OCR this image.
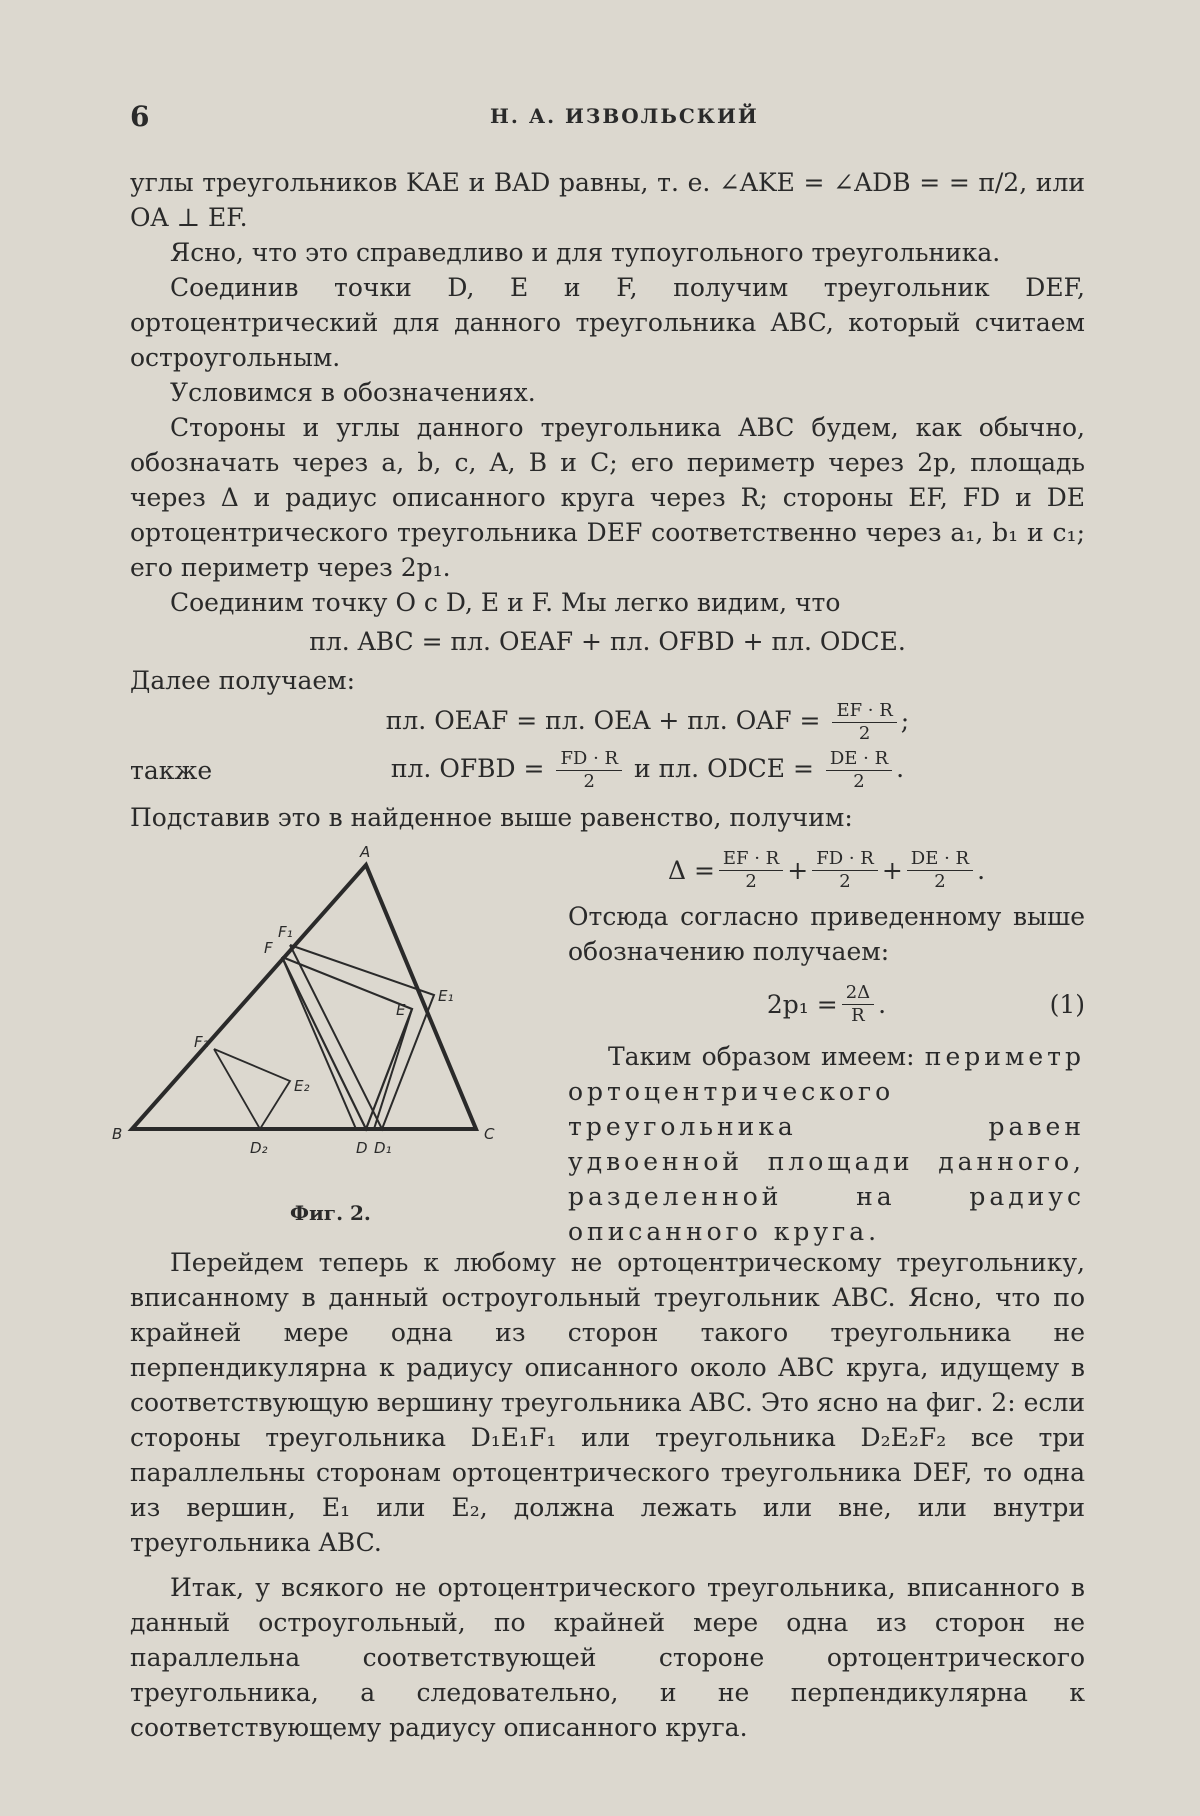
6	Н. А. ИЗВОЛЬСКИЙ

углы треугольников KAE и BAD равны, т. е. ∠AKE = ∠ADB = = π/2, или OA ⊥ EF.

Ясно, что это справедливо и для тупоугольного треугольника.

Соединив точки D, E и F, получим треугольник DEF, ортоцентрический для данного треугольника ABC, который считаем остроугольным.

Условимся в обозначениях.

Стороны и углы данного треугольника ABC будем, как обычно, обозначать через a, b, c, A, B и C; его периметр через 2p, площадь через Δ и радиус описанного круга через R; стороны EF, FD и DE ортоцентрического треугольника DEF соответственно через a₁, b₁ и c₁; его периметр через 2p₁.

Соединим точку O с D, E и F. Мы легко видим, что

пл. ABC = пл. OEAF + пл. OFBD + пл. ODCE.

Далее получаем:

пл. OEAF = пл. OEA + пл. OAF = $\frac{EF \cdot R}{2}$ ;
также	пл. OFBD = $\frac{FD \cdot R}{2}$ и пл. ODCE = $\frac{DE \cdot R}{2}$ .

Подставив это в найденное выше равенство, получим:

A
B	C
D D₁
D₂
E
E₁
E₂
F
F₁
F₂
Фиг. 2.
$\Delta = \frac{EF \cdot R}{2} + \frac{FD \cdot R}{2} + \frac{DE \cdot R}{2}$ .

Отсюда согласно приведенному выше обозначению получаем:

$2p_1 = \frac{2\Delta}{R}$ .	(1)

Таким образом имеем: периметр ортоцентрического треугольника равен удвоенной площади данного, разделенной на радиус описанного круга.

Перейдем теперь к любому не ортоцентрическому треугольнику, вписанному в данный остроугольный треугольник ABC. Ясно, что по крайней мере одна из сторон такого треугольника не перпендикулярна к радиусу описанного около ABC круга, идущему в соответствующую вершину треугольника ABC. Это ясно на фиг. 2: если стороны треугольника D₁E₁F₁ или треугольника D₂E₂F₂ все три параллельны сторонам ортоцентрического треугольника DEF, то одна из вершин, E₁ или E₂, должна лежать или вне, или внутри треугольника ABC.

Итак, у всякого не ортоцентрического треугольника, вписанного в данный остроугольный, по крайней мере одна из сторон не параллельна соответствующей стороне ортоцентрического треугольника, а следовательно, и не перпендикулярна к соответствующему радиусу описанного круга.
